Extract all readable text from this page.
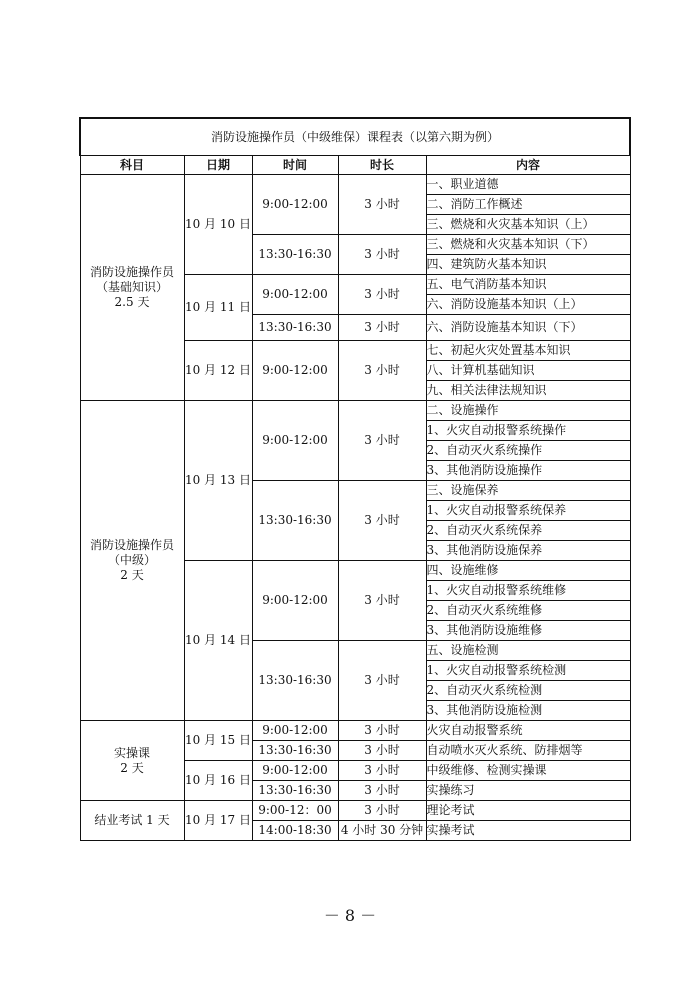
消防设施操作员（中级维保）课程表（以第六期为例）				
科目	日期	时间	时长	内容

消防设施操作员
（基础知识）
2.5 天	10 月 10 日	9:00-12:00	3 小时	一、职业道德
				二、消防工作概述
				三、燃烧和火灾基本知识（上）
		13:30-16:30	3 小时	三、燃烧和火灾基本知识（下）
				四、建筑防火基本知识
	10 月 11 日	9:00-12:00	3 小时	五、电气消防基本知识
				六、消防设施基本知识（上）
		13:30-16:30	3 小时	六、消防设施基本知识（下）
	10 月 12 日	9:00-12:00	3 小时	七、初起火灾处置基本知识
				八、计算机基础知识
				九、相关法律法规知识

消防设施操作员
（中级）
2 天	10 月 13 日	9:00-12:00	3 小时	二、设施操作
				1、火灾自动报警系统操作
				2、自动灭火系统操作
				3、其他消防设施操作
		13:30-16:30	3 小时	三、设施保养
				1、火灾自动报警系统保养
				2、自动灭火系统保养
				3、其他消防设施保养
	10 月 14 日	9:00-12:00	3 小时	四、设施维修
				1、火灾自动报警系统维修
				2、自动灭火系统维修
				3、其他消防设施维修
		13:30-16:30	3 小时	五、设施检测
				1、火灾自动报警系统检测
				2、自动灭火系统检测
				3、其他消防设施检测

实操课
2 天	10 月 15 日	9:00-12:00	3 小时	火灾自动报警系统
		13:30-16:30	3 小时	自动喷水灭火系统、防排烟等
	10 月 16 日	9:00-12:00	3 小时	中级维修、检测实操课
		13:30-16:30	3 小时	实操练习
结业考试 1 天	10 月 17 日	9:00-12：00	3 小时	理论考试
		14:00-18:30	4 小时 30 分钟	实操考试
－ 8 －
